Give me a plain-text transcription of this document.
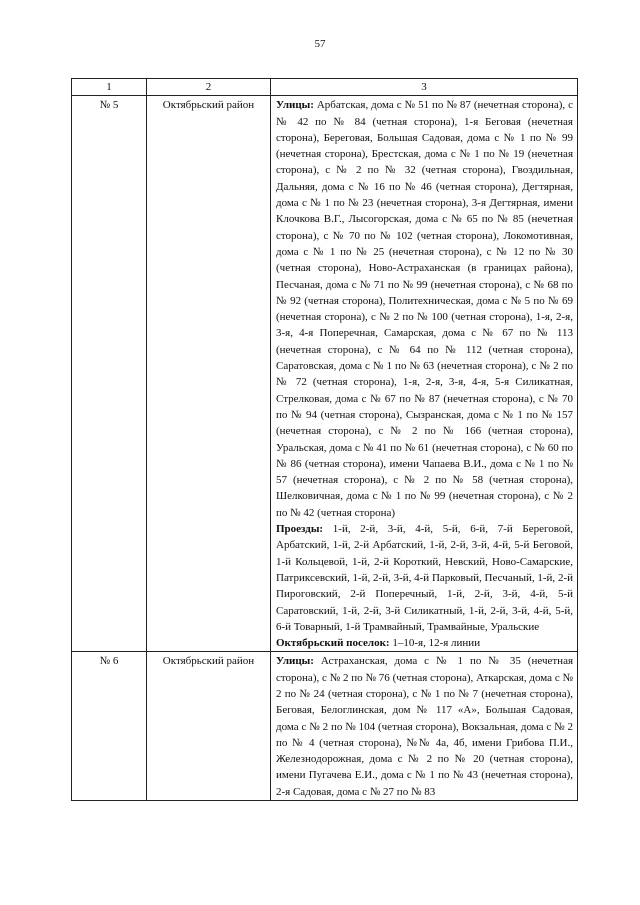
57
1	2	3
№ 5	Октябрьский район	Улицы: Арбатская, дома с № 51 по № 87 (нечетная сторона), с № 42 по № 84 (четная сторона), 1-я Беговая (нечетная сторона), Береговая, Большая Садовая, дома с № 1 по № 99 (нечетная сторона), Брестская, дома с № 1 по № 19 (нечетная сторона), с № 2 по № 32 (четная сторона), Гвоздильная, Дальняя, дома с № 16 по № 46 (четная сторона), Дегтярная, дома с № 1 по № 23 (нечетная сторона), 3-я Дегтярная, имени Клочкова В.Г., Лысогорская, дома с № 65 по № 85 (нечетная сторона), с № 70 по № 102 (четная сторона), Локомотивная, дома с № 1 по № 25 (нечетная сторона), с № 12 по № 30 (четная сторона), Ново-Астраханская (в границах района), Песчаная, дома с № 71 по № 99 (нечетная сторона), с № 68 по № 92 (четная сторона), Политехническая, дома с № 5 по № 69 (нечетная сторона), с № 2 по № 100 (четная сторона), 1-я, 2-я, 3-я, 4-я Поперечная, Самарская, дома с № 67 по № 113 (нечетная сторона), с № 64 по № 112 (четная сторона), Саратовская, дома с № 1 по № 63 (нечетная сторона), с № 2 по № 72 (четная сторона), 1-я, 2-я, 3-я, 4-я, 5-я Силикатная, Стрелковая, дома с № 67 по № 87 (нечетная сторона), с № 70 по № 94 (четная сторона), Сызранская, дома с № 1 по № 157 (нечетная сторона), с № 2 по № 166 (четная сторона), Уральская, дома с № 41 по № 61 (нечетная сторона), с № 60 по № 86 (четная сторона), имени Чапаева В.И., дома с № 1 по № 57 (нечетная сторона), с № 2 по № 58 (четная сторона), Шелковичная, дома с № 1 по № 99 (нечетная сторона), с № 2 по № 42 (четная сторона)
Проезды: 1-й, 2-й, 3-й, 4-й, 5-й, 6-й, 7-й Береговой, Арбатский, 1-й, 2-й Арбатский, 1-й, 2-й, 3-й, 4-й, 5-й Беговой, 1-й Кольцевой, 1-й, 2-й Короткий, Невский, Ново-Самарские, Патриксевский, 1-й, 2-й, 3-й, 4-й Парковый, Песчаный, 1-й, 2-й Пироговский, 2-й Поперечный, 1-й, 2-й, 3-й, 4-й, 5-й Саратовский, 1-й, 2-й, 3-й Силикатный, 1-й, 2-й, 3-й, 4-й, 5-й, 6-й Товарный, 1-й Трамвайный, Трамвайные, Уральские
Октябрьский поселок: 1–10-я, 12-я линии

№ 6	Октябрьский район	Улицы: Астраханская, дома с № 1 по № 35 (нечетная сторона), с № 2 по № 76 (четная сторона), Аткарская, дома с № 2 по № 24 (четная сторона), с № 1 по № 7 (нечетная сторона), Беговая, Белоглинская, дом № 117 «А», Большая Садовая, дома с № 2 по № 104 (четная сторона), Вокзальная, дома с № 2 по № 4 (четная сторона), №№ 4а, 4б, имени Грибова П.И., Железнодорожная, дома с № 2 по № 20 (четная сторона), имени Пугачева Е.И., дома с № 1 по № 43 (нечетная сторона), 2-я Садовая, дома с № 27 по № 83
